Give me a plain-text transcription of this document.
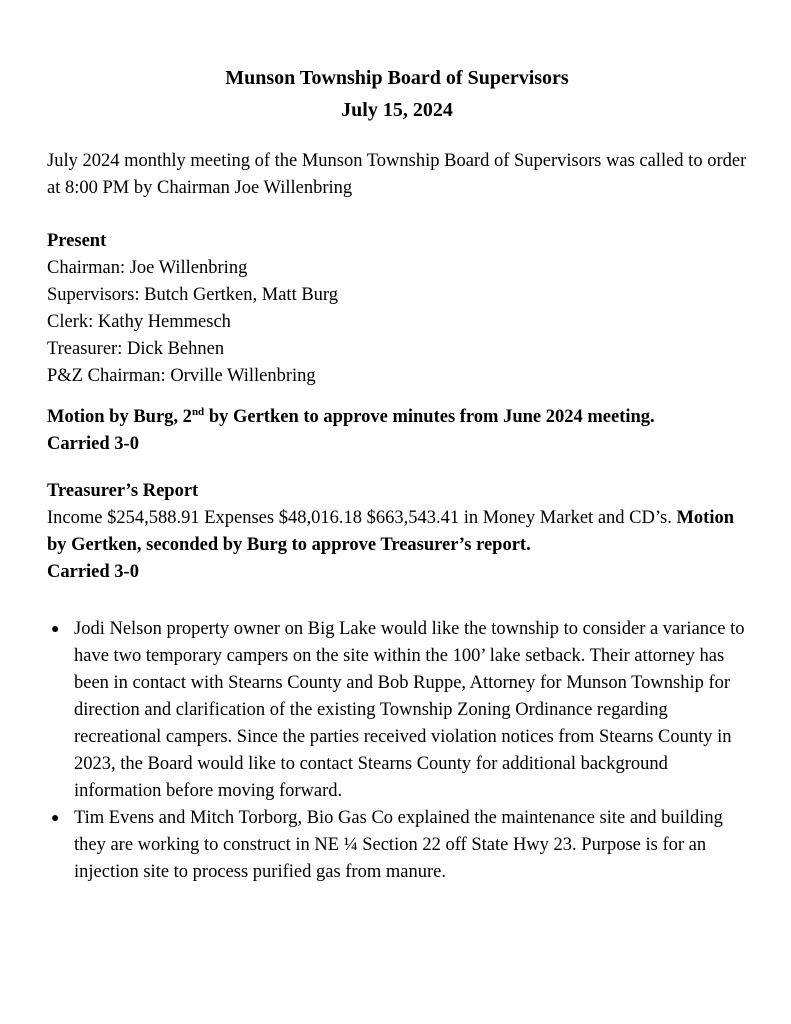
Munson Township Board of Supervisors

July 15, 2024

July 2024 monthly meeting of the Munson Township Board of Supervisors was called to order at 8:00 PM by Chairman Joe Willenbring

Present
Chairman: Joe Willenbring
Supervisors: Butch Gertken, Matt Burg
Clerk: Kathy Hemmesch
Treasurer: Dick Behnen
P&Z Chairman: Orville Willenbring
Motion by Burg, 2nd by Gertken to approve minutes from June 2024 meeting.
Carried 3-0
Treasurer’s Report
Income $254,588.91 Expenses $48,016.18 $663,543.41 in Money Market and CD’s. Motion by Gertken, seconded by Burg to approve Treasurer’s report.
Carried 3-0
● Jodi Nelson property owner on Big Lake would like the township to consider a variance to have two temporary campers on the site within the 100’ lake setback. Their attorney has been in contact with Stearns County and Bob Ruppe, Attorney for Munson Township for direction and clarification of the existing Township Zoning Ordinance regarding recreational campers. Since the parties received violation notices from Stearns County in 2023, the Board would like to contact Stearns County for additional background information before moving forward.
● Tim Evens and Mitch Torborg, Bio Gas Co explained the maintenance site and building they are working to construct in NE ¼ Section 22 off State Hwy 23. Purpose is for an injection site to process purified gas from manure.
